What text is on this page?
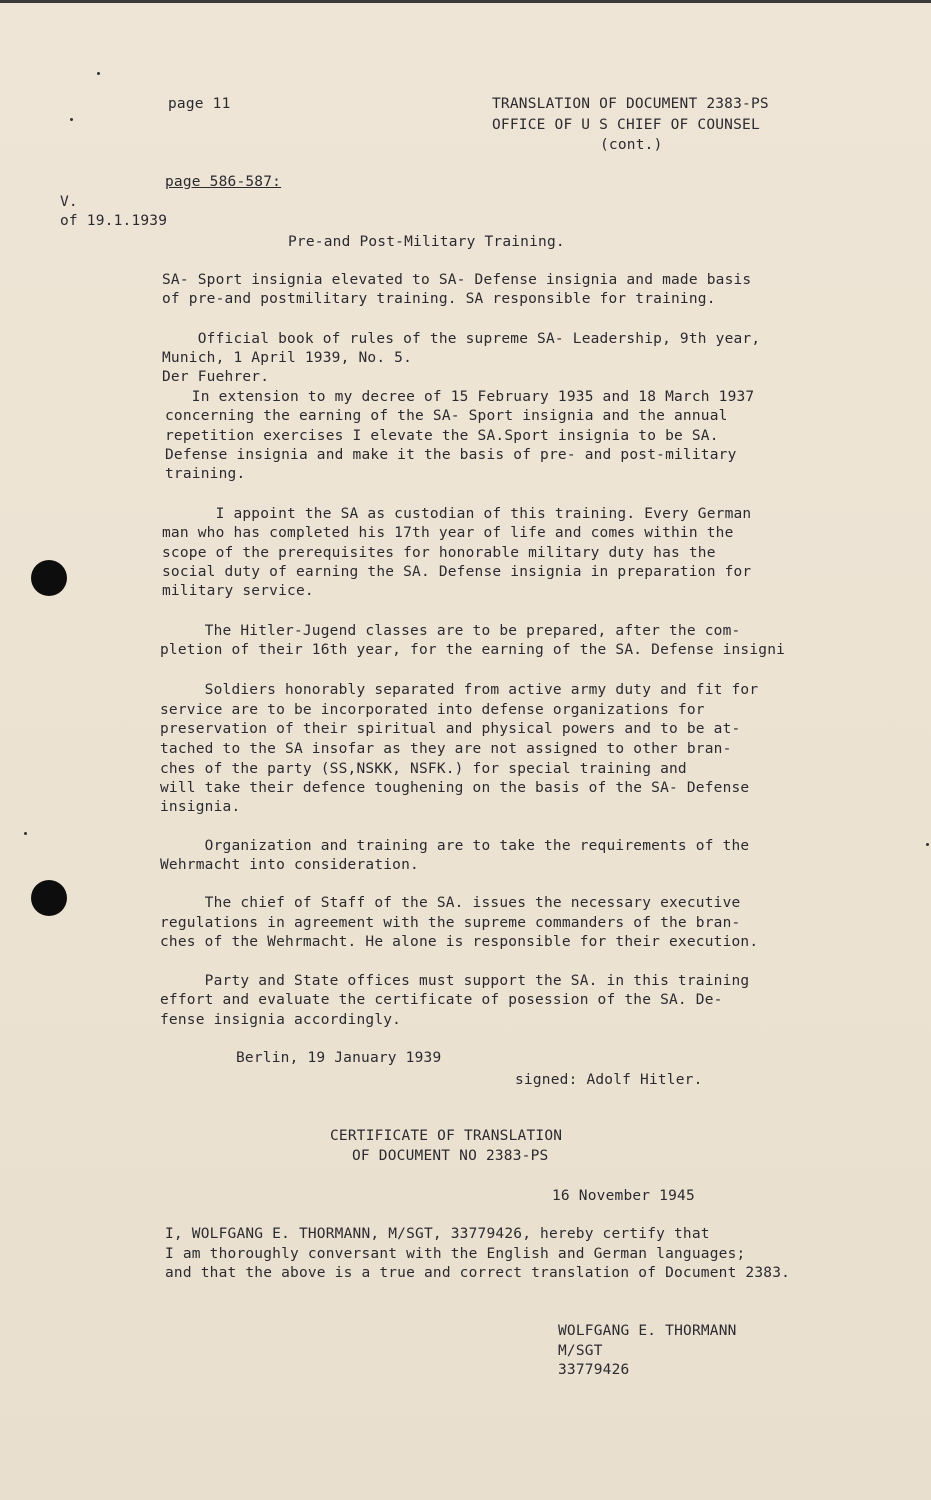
page 11	TRANSLATION OF DOCUMENT 2383-PS
OFFICE OF U S CHIEF OF COUNSEL
(cont.)
page 586-587:
V.
of 19.1.1939
Pre-and Post-Military Training.
SA- Sport insignia elevated to SA- Defense insignia and made basis
of pre-and postmilitary training. SA responsible for training.
Official book of rules of the supreme SA- Leadership, 9th year,
Munich, 1 April 1939, No. 5.
Der Fuehrer.
In extension to my decree of 15 February 1935 and 18 March 1937
concerning the earning of the SA- Sport insignia and the annual
repetition exercises I elevate the SA.Sport insignia to be SA.
Defense insignia and make it the basis of pre- and post-military
training.
I appoint the SA as custodian of this training. Every German
man who has completed his 17th year of life and comes within the
scope of the prerequisites for honorable military duty has the
social duty of earning the SA. Defense insignia in preparation for
military service.
The Hitler-Jugend classes are to be prepared, after the com-
pletion of their 16th year, for the earning of the SA. Defense insigni
Soldiers honorably separated from active army duty and fit for
service are to be incorporated into defense organizations for
preservation of their spiritual and physical powers and to be at-
tached to the SA insofar as they are not assigned to other bran-
ches of the party (SS,NSKK, NSFK.) for special training and
will take their defence toughening on the basis of the SA- Defense
insignia.
Organization and training are to take the requirements of the
Wehrmacht into consideration.
The chief of Staff of the SA. issues the necessary executive
regulations in agreement with the supreme commanders of the bran-
ches of the Wehrmacht. He alone is responsible for their execution.
Party and State offices must support the SA. in this training
effort and evaluate the certificate of posession of the SA. De-
fense insignia accordingly.
Berlin, 19 January 1939
signed: Adolf Hitler.
CERTIFICATE OF TRANSLATION
OF DOCUMENT NO 2383-PS
16 November 1945
I, WOLFGANG E. THORMANN, M/SGT, 33779426, hereby certify that
I am thoroughly conversant with the English and German languages;
and that the above is a true and correct translation of Document 2383.
WOLFGANG E. THORMANN
M/SGT
33779426
